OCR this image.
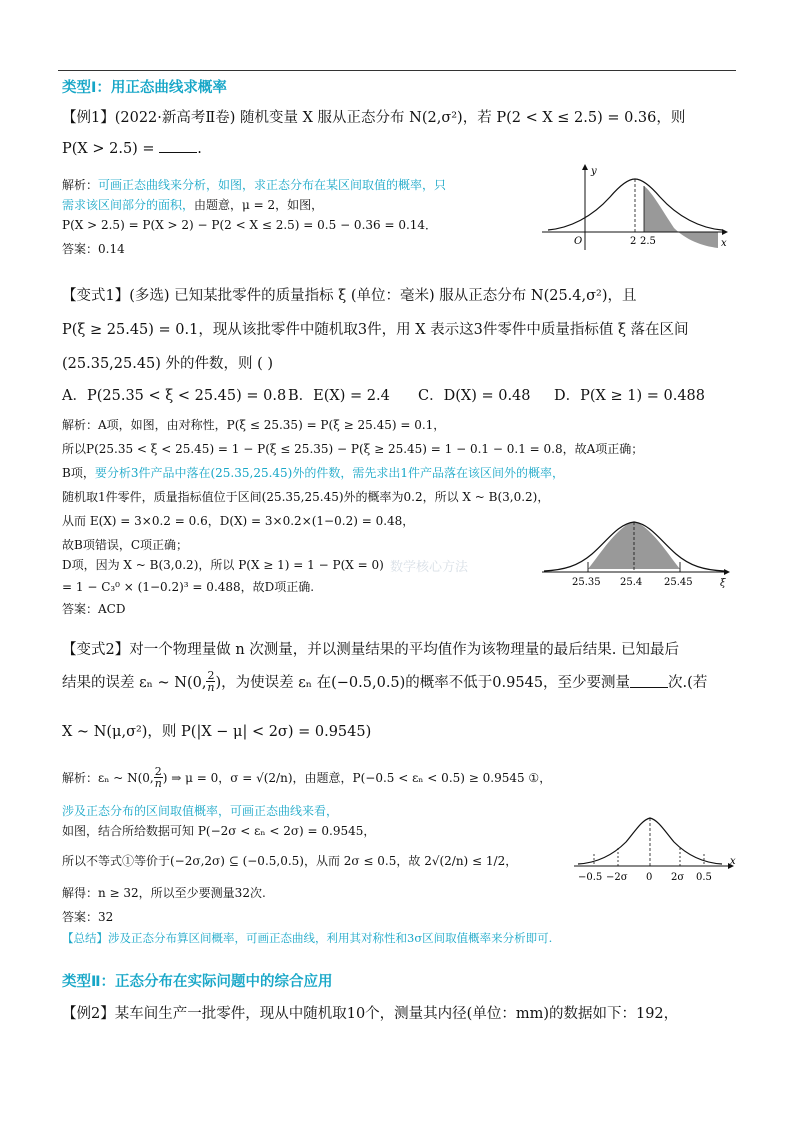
类型Ⅰ：用正态曲线求概率
【例1】(2022·新高考Ⅱ卷) 随机变量 X 服从正态分布 N(2,σ²)，若 P(2 < X ≤ 2.5) = 0.36，则
P(X > 2.5) =	.
解析：可画正态曲线来分析，如图，求正态分布在某区间取值的概率，只
需求该区间部分的面积，由题意，μ = 2，如图，
P(X > 2.5) = P(X > 2) − P(2 < X ≤ 2.5) = 0.5 − 0.36 = 0.14．
答案：0.14
y
x
O	2 2.5
【变式1】(多选) 已知某批零件的质量指标 ξ (单位：毫米) 服从正态分布 N(25.4,σ²)，且
P(ξ ≥ 25.45) = 0.1，现从该批零件中随机取3件，用 X 表示这3件零件中质量指标值 ξ 落在区间
(25.35,25.45) 外的件数，则 ( )
A．P(25.35 < ξ < 25.45) = 0.8 B．E(X) = 2.4 C．D(X) = 0.48 D．P(X ≥ 1) = 0.488
解析：A项，如图，由对称性，P(ξ ≤ 25.35) = P(ξ ≥ 25.45) = 0.1，
所以P(25.35 < ξ < 25.45) = 1 − P(ξ ≤ 25.35) − P(ξ ≥ 25.45) = 1 − 0.1 − 0.1 = 0.8，故A项正确；
B项，要分析3件产品中落在(25.35,25.45)外的件数，需先求出1件产品落在该区间外的概率，
随机取1件零件，质量指标值位于区间(25.35,25.45)外的概率为0.2，所以 X ~ B(3,0.2)，
从而 E(X) = 3×0.2 = 0.6，D(X) = 3×0.2×(1−0.2) = 0.48，
故B项错误，C项正确；
D项，因为 X ~ B(3,0.2)，所以 P(X ≥ 1) = 1 − P(X = 0)
= 1 − C₃⁰ × (1−0.2)³ = 0.488，故D项正确.
答案：ACD
数学核心方法
ξ
25.35 25.4 25.45
【变式2】对一个物理量做 n 次测量，并以测量结果的平均值作为该物理量的最后结果. 已知最后
结果的误差 εₙ ~ N(0, $\frac{2}{n}$ )，为使误差 εₙ 在(−0.5,0.5)的概率不低于0.9545，至少要测量	次.(若
X ~ N(μ,σ²)，则 P(|X − μ| < 2σ) = 0.9545)
解析：εₙ ~ N(0, $\frac{2}{n}$ ) ⇒ μ = 0，σ = √(2/n)，由题意，P(−0.5 < εₙ < 0.5) ≥ 0.9545 ①，
涉及正态分布的区间取值概率，可画正态曲线来看，
如图，结合所给数据可知 P(−2σ < εₙ < 2σ) = 0.9545，
所以不等式①等价于(−2σ,2σ) ⊆ (−0.5,0.5)，从而 2σ ≤ 0.5，故 2√(2/n) ≤ 1/2，
解得：n ≥ 32，所以至少要测量32次.
答案：32
【总结】涉及正态分布算区间概率，可画正态曲线，利用其对称性和3σ区间取值概率来分析即可.
x
−0.5 −2σ 0 2σ 0.5
类型Ⅱ：正态分布在实际问题中的综合应用
【例2】某车间生产一批零件，现从中随机取10个，测量其内径(单位：mm)的数据如下：192，
